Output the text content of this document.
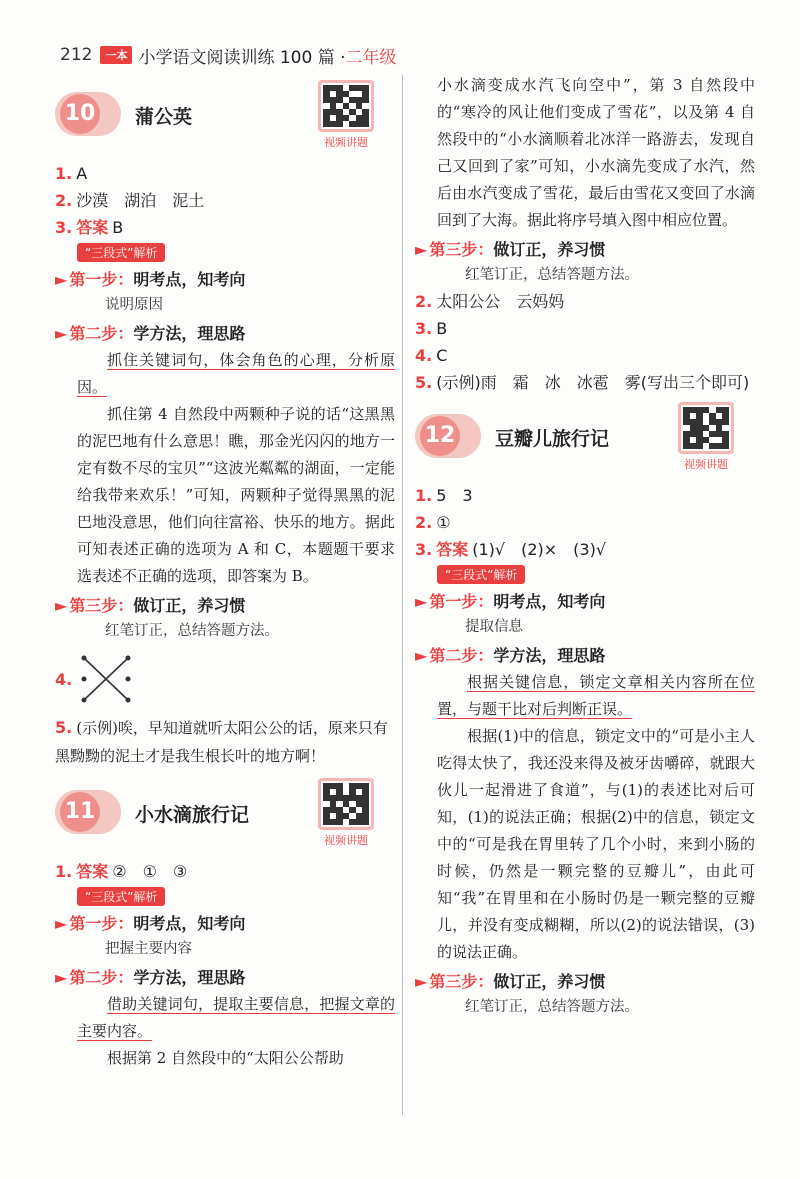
212	一本 小学语文阅读训练 100 篇 · 二年级
10 蒲公英
视频讲题
1. A
2. 沙漠　湖泊　泥土
3. 答案 B
“三段式”解析
► 第一步：明考点，知考向
说明原因
► 第二步：学方法，理思路
抓住关键词句，体会角色的心理，分析原因。
抓住第 4 自然段中两颗种子说的话“这黑黑的泥巴地有什么意思！瞧，那金光闪闪的地方一定有数不尽的宝贝”“这波光粼粼的湖面，一定能给我带来欢乐！”可知，两颗种子觉得黑黑的泥巴地没意思，他们向往富裕、快乐的地方。据此可知表述正确的选项为 A 和 C，本题题干要求选表述不正确的选项，即答案为 B。
► 第三步：做订正，养习惯
红笔订正，总结答题方法。
4.
5. (示例)唉，早知道就听太阳公公的话，原来只有黑黝黝的泥土才是我生根长叶的地方啊！
11 小水滴旅行记
视频讲题
1. 答案 ②　①　③
“三段式”解析
► 第一步：明考点，知考向
把握主要内容
► 第二步：学方法，理思路
借助关键词句，提取主要信息，把握文章的主要内容。
根据第 2 自然段中的“太阳公公帮助
小水滴变成水汽飞向空中”，第 3 自然段中的“寒冷的风让他们变成了雪花”，以及第 4 自然段中的“小水滴顺着北冰洋一路游去，发现自己又回到了家”可知，小水滴先变成了水汽，然后由水汽变成了雪花，最后由雪花又变回了水滴回到了大海。据此将序号填入图中相应位置。
► 第三步：做订正，养习惯
红笔订正，总结答题方法。
2. 太阳公公　云妈妈
3. B
4. C
5. (示例)雨　霜　冰　冰雹　雾(写出三个即可)
12 豆瓣儿旅行记
视频讲题
1. 5　3
2. ①
3. 答案 (1)√　(2)×　(3)√
“三段式”解析
► 第一步：明考点，知考向
提取信息
► 第二步：学方法，理思路
根据关键信息，锁定文章相关内容所在位置，与题干比对后判断正误。
根据(1)中的信息，锁定文中的“可是小主人吃得太快了，我还没来得及被牙齿嚼碎，就跟大伙儿一起滑进了食道”，与(1)的表述比对后可知，(1)的说法正确；根据(2)中的信息，锁定文中的“可是我在胃里转了几个小时，来到小肠的时候，仍然是一颗完整的豆瓣儿”，由此可知“我”在胃里和在小肠时仍是一颗完整的豆瓣儿，并没有变成糊糊，所以(2)的说法错误，(3)的说法正确。
► 第三步：做订正，养习惯
红笔订正，总结答题方法。
